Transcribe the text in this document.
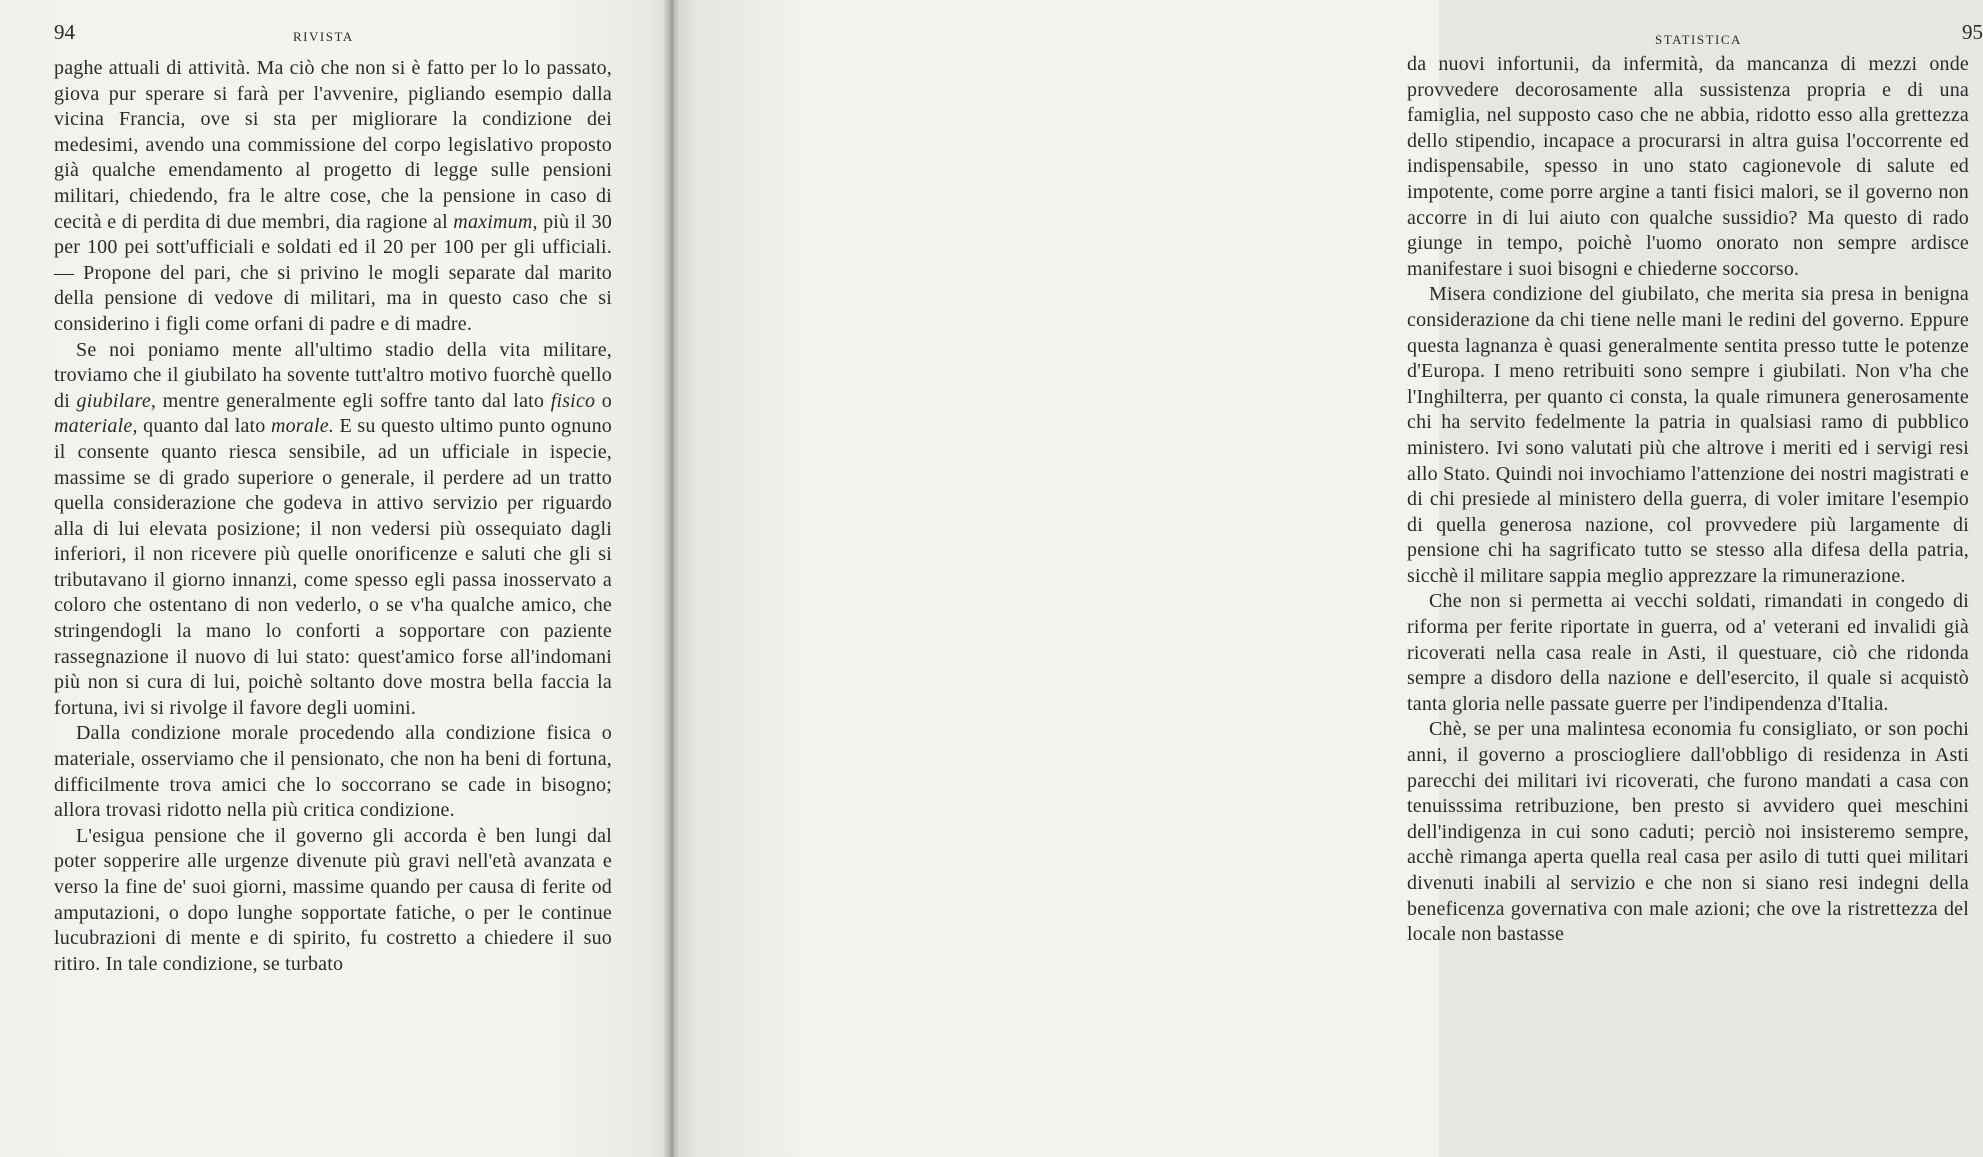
94	RIVISTA

paghe attuali di attività. Ma ciò che non si è fatto per lo lo passato, giova pur sperare si farà per l'avvenire, pigliando esempio dalla vicina Francia, ove si sta per migliorare la condizione dei medesimi, avendo una commissione del corpo legislativo proposto già qualche emendamento al progetto di legge sulle pensioni militari, chiedendo, fra le altre cose, che la pensione in caso di cecità e di perdita di due membri, dia ragione al maximum, più il 30 per 100 pei sott'ufficiali e soldati ed il 20 per 100 per gli ufficiali. — Propone del pari, che si privino le mogli separate dal marito della pensione di vedove di militari, ma in questo caso che si considerino i figli come orfani di padre e di madre.

Se noi poniamo mente all'ultimo stadio della vita militare, troviamo che il giubilato ha sovente tutt'altro motivo fuorchè quello di giubilare, mentre generalmente egli soffre tanto dal lato fisico o materiale, quanto dal lato morale. E su questo ultimo punto ognuno il consente quanto riesca sensibile, ad un ufficiale in ispecie, massime se di grado superiore o generale, il perdere ad un tratto quella considerazione che godeva in attivo servizio per riguardo alla di lui elevata posizione; il non vedersi più ossequiato dagli inferiori, il non ricevere più quelle onorificenze e saluti che gli si tributavano il giorno innanzi, come spesso egli passa inosservato a coloro che ostentano di non vederlo, o se v'ha qualche amico, che stringendogli la mano lo conforti a sopportare con paziente rassegnazione il nuovo di lui stato: quest'amico forse all'indomani più non si cura di lui, poichè soltanto dove mostra bella faccia la fortuna, ivi si rivolge il favore degli uomini.

Dalla condizione morale procedendo alla condizione fisica o materiale, osserviamo che il pensionato, che non ha beni di fortuna, difficilmente trova amici che lo soccorrano se cade in bisogno; allora trovasi ridotto nella più critica condizione.

L'esigua pensione che il governo gli accorda è ben lungi dal poter sopperire alle urgenze divenute più gravi nell'età avanzata e verso la fine de' suoi giorni, massime quando per causa di ferite od amputazioni, o dopo lunghe sopportate fatiche, o per le continue lucubrazioni di mente e di spirito, fu costretto a chiedere il suo ritiro. In tale condizione, se turbato

STATISTICA	95

da nuovi infortunii, da infermità, da mancanza di mezzi onde provvedere decorosamente alla sussistenza propria e di una famiglia, nel supposto caso che ne abbia, ridotto esso alla grettezza dello stipendio, incapace a procurarsi in altra guisa l'occorrente ed indispensabile, spesso in uno stato cagionevole di salute ed impotente, come porre argine a tanti fisici malori, se il governo non accorre in di lui aiuto con qualche sussidio? Ma questo di rado giunge in tempo, poichè l'uomo onorato non sempre ardisce manifestare i suoi bisogni e chiederne soccorso.

Misera condizione del giubilato, che merita sia presa in benigna considerazione da chi tiene nelle mani le redini del governo. Eppure questa lagnanza è quasi generalmente sentita presso tutte le potenze d'Europa. I meno retribuiti sono sempre i giubilati. Non v'ha che l'Inghilterra, per quanto ci consta, la quale rimunera generosamente chi ha servito fedelmente la patria in qualsiasi ramo di pubblico ministero. Ivi sono valutati più che altrove i meriti ed i servigi resi allo Stato. Quindi noi invochiamo l'attenzione dei nostri magistrati e di chi presiede al ministero della guerra, di voler imitare l'esempio di quella generosa nazione, col provvedere più largamente di pensione chi ha sagrificato tutto se stesso alla difesa della patria, sicchè il militare sappia meglio apprezzare la rimunerazione.

Che non si permetta ai vecchi soldati, rimandati in congedo di riforma per ferite riportate in guerra, od a' veterani ed invalidi già ricoverati nella casa reale in Asti, il questuare, ciò che ridonda sempre a disdoro della nazione e dell'esercito, il quale si acquistò tanta gloria nelle passate guerre per l'indipendenza d'Italia.

Chè, se per una malintesa economia fu consigliato, or son pochi anni, il governo a prosciogliere dall'obbligo di residenza in Asti parecchi dei militari ivi ricoverati, che furono mandati a casa con tenuisssima retribuzione, ben presto si avvidero quei meschini dell'indigenza in cui sono caduti; perciò noi insisteremo sempre, acchè rimanga aperta quella real casa per asilo di tutti quei militari divenuti inabili al servizio e che non si siano resi indegni della beneficenza governativa con male azioni; che ove la ristrettezza del locale non bastasse
